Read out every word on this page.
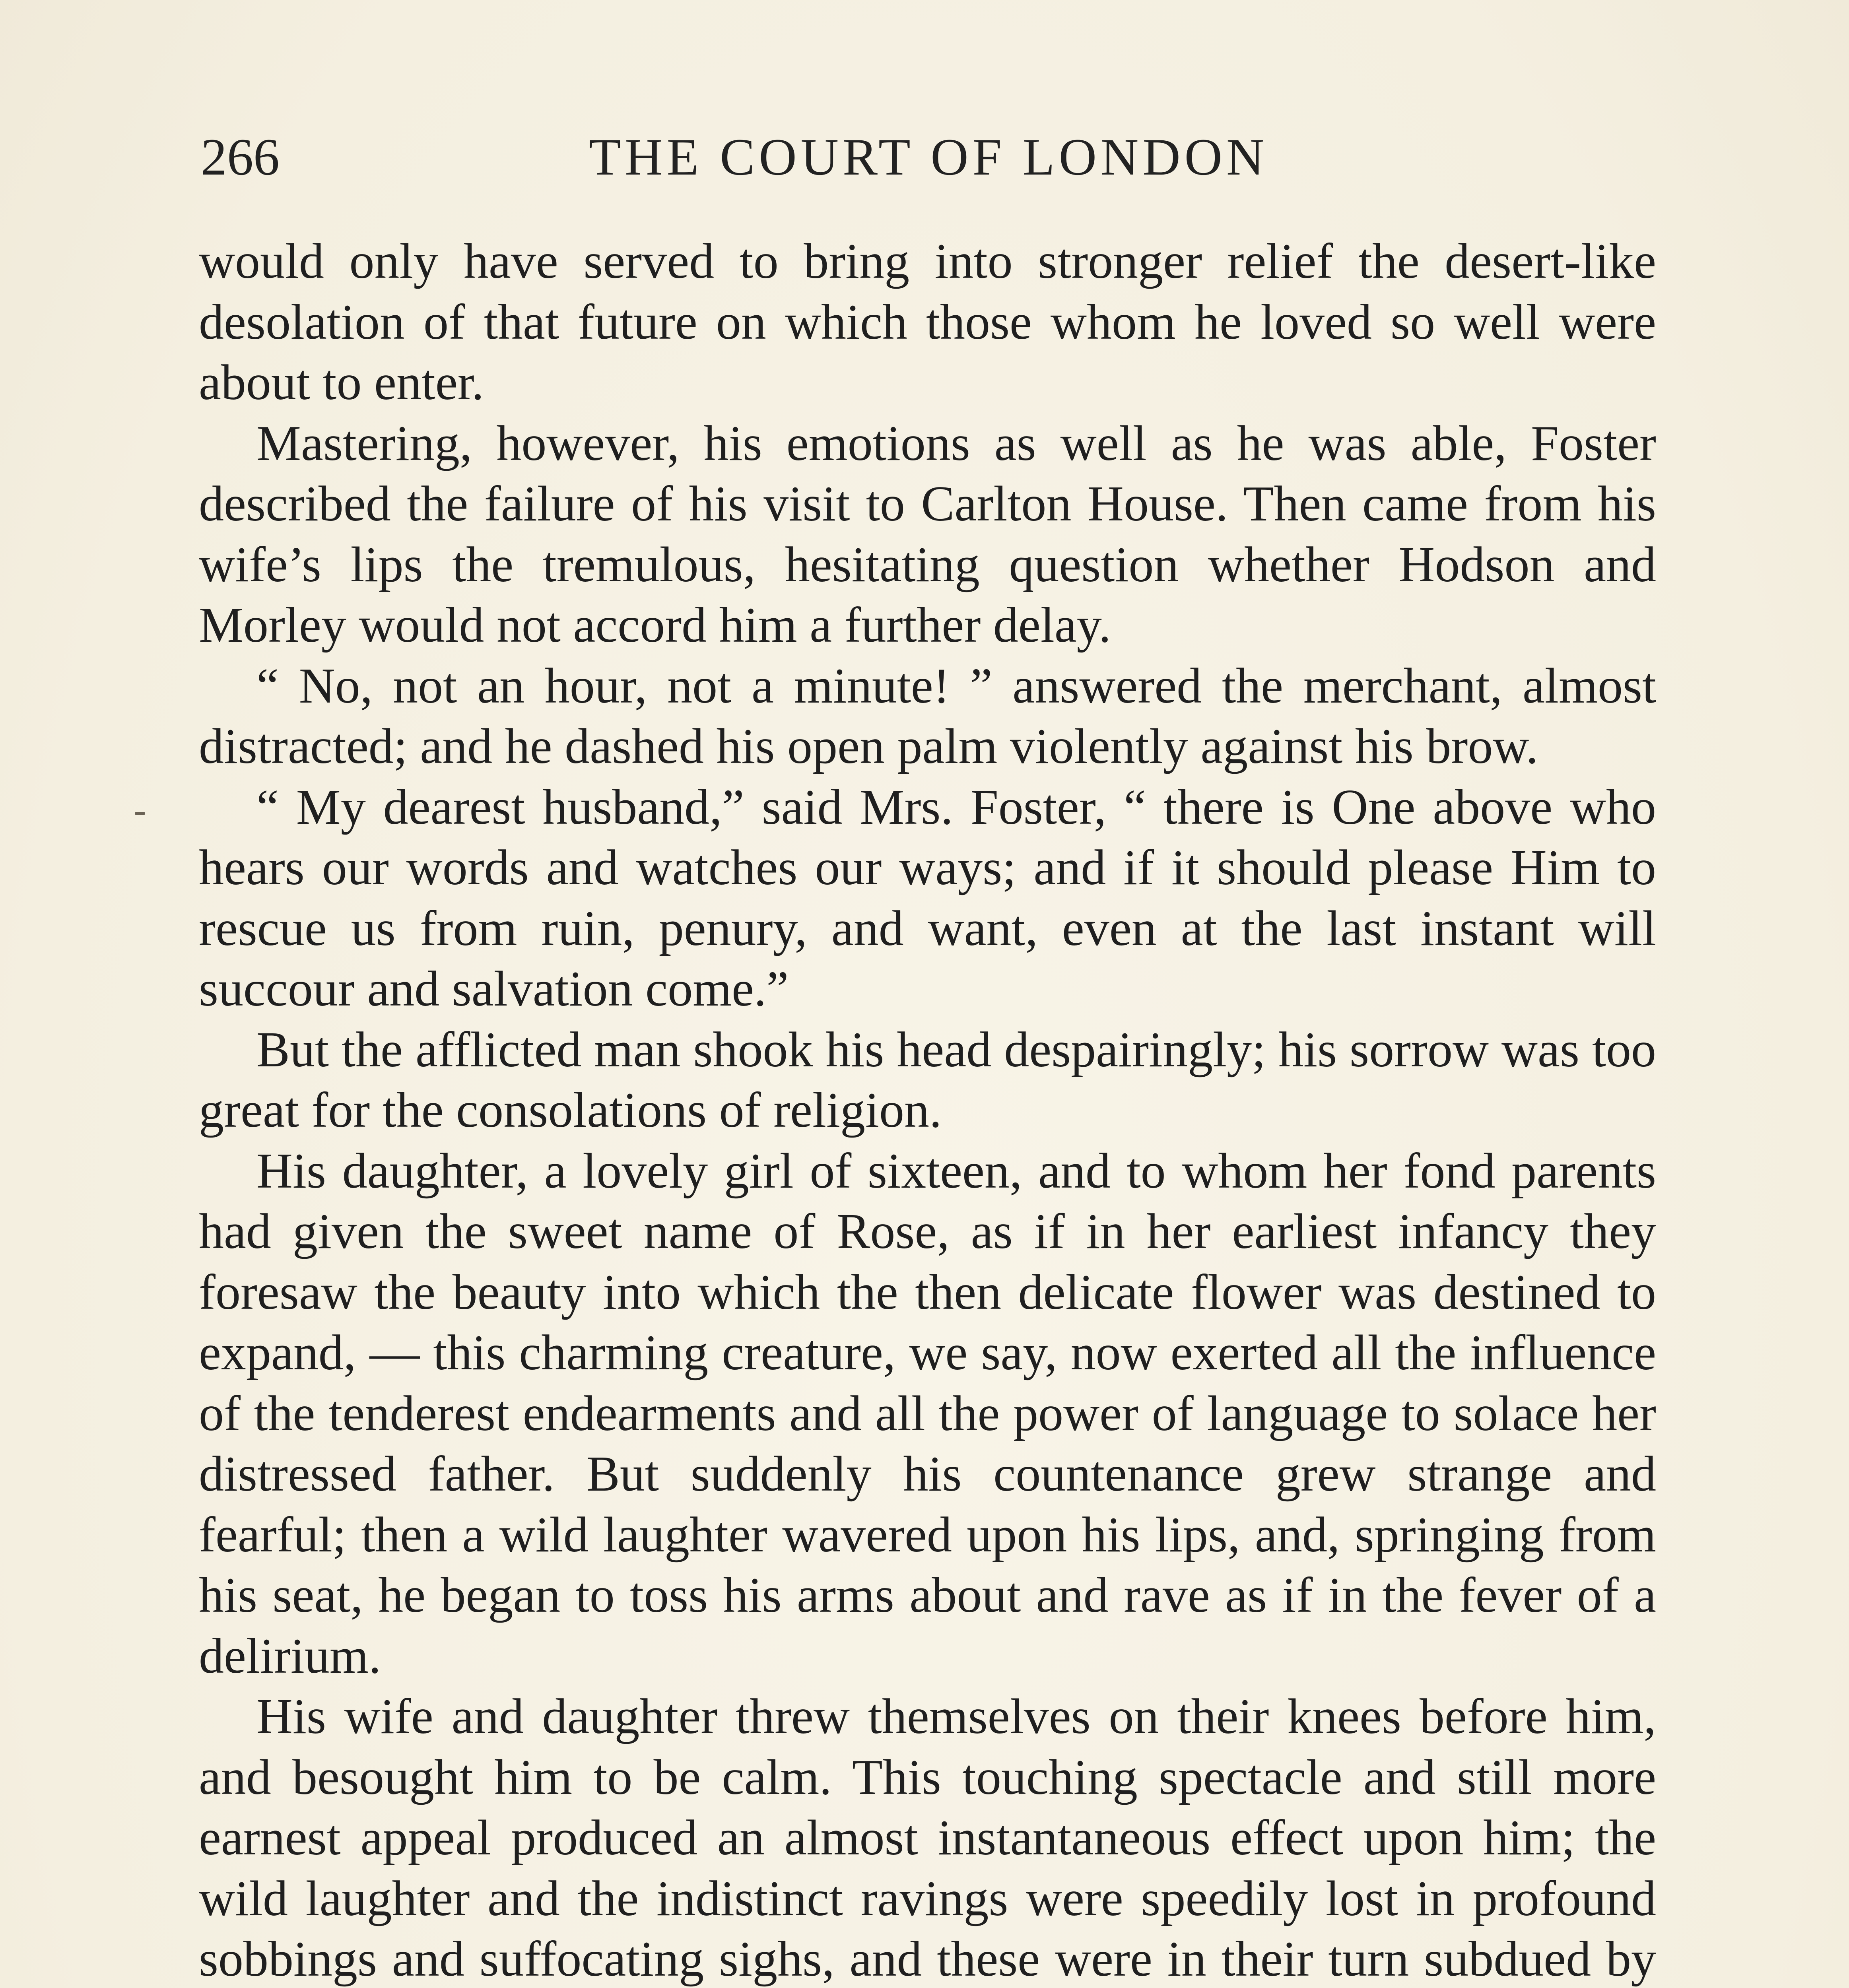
266	THE COURT OF LONDON

would only have served to bring into stronger relief the desert-like desolation of that future on which those whom he loved so well were about to enter.

Mastering, however, his emotions as well as he was able, Foster described the failure of his visit to Carlton House. Then came from his wife’s lips the tremulous, hesitating question whether Hodson and Morley would not accord him a further delay.

“ No, not an hour, not a minute! ” answered the merchant, almost distracted; and he dashed his open palm violently against his brow.

“ My dearest husband,” said Mrs. Foster, “ there is One above who hears our words and watches our ways; and if it should please Him to rescue us from ruin, penury, and want, even at the last instant will succour and salvation come.”

But the afflicted man shook his head despairingly; his sorrow was too great for the consolations of religion.

His daughter, a lovely girl of sixteen, and to whom her fond parents had given the sweet name of Rose, as if in her earliest infancy they foresaw the beauty into which the then delicate flower was destined to expand, — this charming creature, we say, now exerted all the influence of the tenderest endearments and all the power of language to solace her distressed father. But suddenly his countenance grew strange and fearful; then a wild laughter wavered upon his lips, and, springing from his seat, he began to toss his arms about and rave as if in the fever of a delirium.

His wife and daughter threw themselves on their knees before him, and besought him to be calm. This touching spectacle and still more earnest appeal produced an almost instantaneous effect upon him; the wild laughter and the indistinct ravings were speedily lost in profound sobbings and suffocating sighs, and these were in their turn subdued by
